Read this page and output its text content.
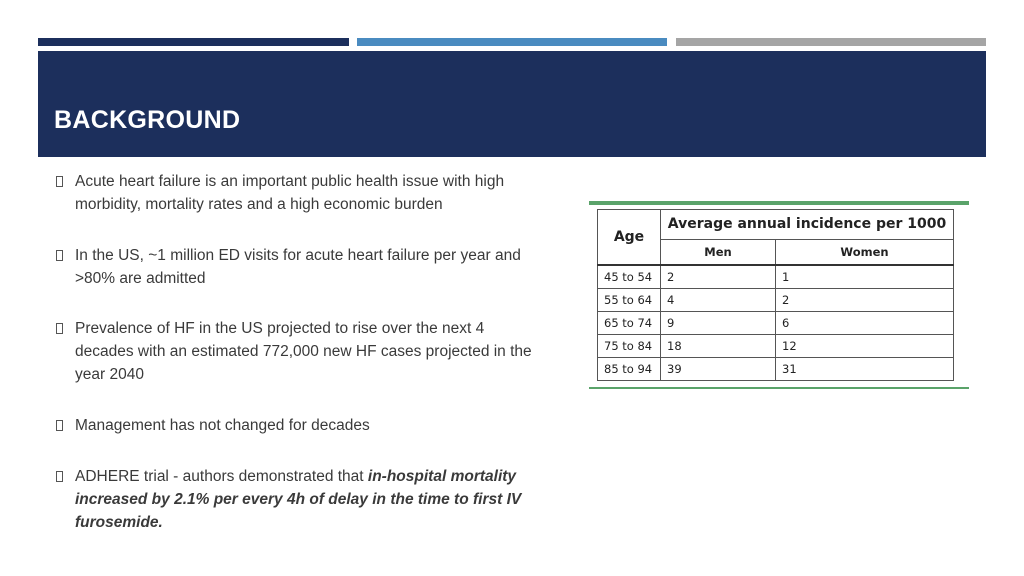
BACKGROUND
Acute heart failure is an important public health issue with high morbidity, mortality rates and a high economic burden
In the US, ~1 million ED visits for acute heart failure per year and >80% are admitted
Prevalence of HF in the US projected to rise over the next 4 decades with an estimated 772,000 new HF cases projected in the year 2040
Management has not changed for decades
ADHERE trial - authors demonstrated that in-hospital mortality increased by 2.1% per every 4h of delay in the time to first IV furosemide.
Age	Average annual incidence per 1000	
	Men	Women
45 to 54	2	1
55 to 64	4	2
65 to 74	9	6
75 to 84	18	12
85 to 94	39	31
